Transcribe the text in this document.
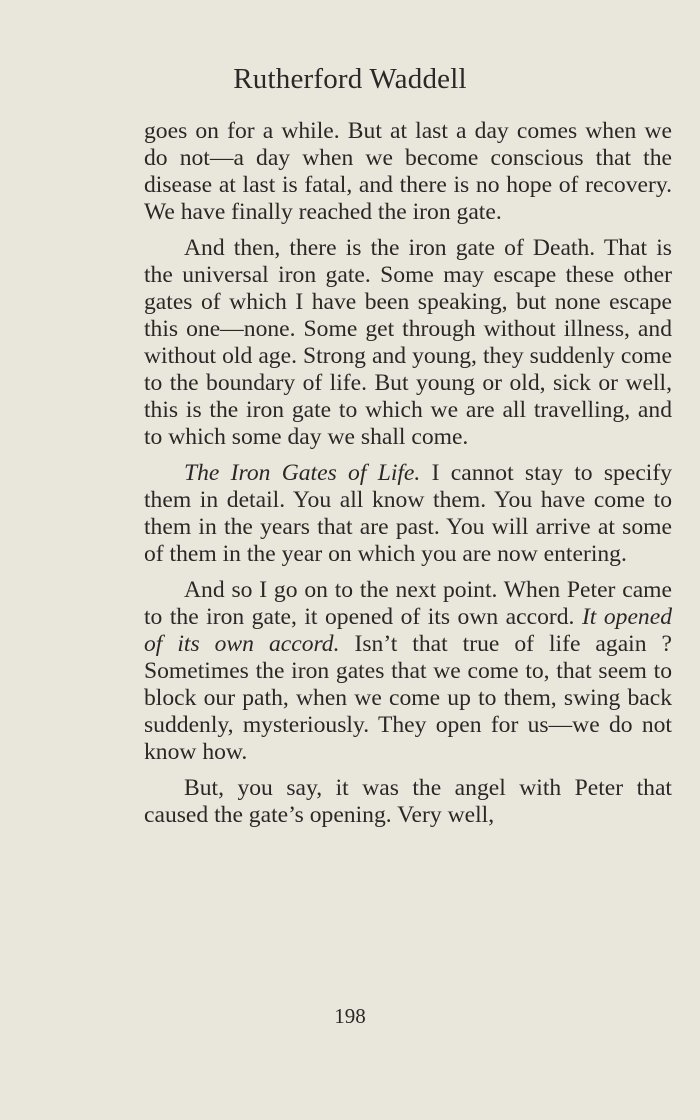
Rutherford Waddell

goes on for a while. But at last a day comes when we do not—a day when we become conscious that the disease at last is fatal, and there is no hope of recovery. We have finally reached the iron gate.

And then, there is the iron gate of Death. That is the universal iron gate. Some may escape these other gates of which I have been speaking, but none escape this one—none. Some get through without illness, and without old age. Strong and young, they suddenly come to the boundary of life. But young or old, sick or well, this is the iron gate to which we are all travelling, and to which some day we shall come.

The Iron Gates of Life. I cannot stay to specify them in detail. You all know them. You have come to them in the years that are past. You will arrive at some of them in the year on which you are now entering.

And so I go on to the next point. When Peter came to the iron gate, it opened of its own accord. It opened of its own accord. Isn’t that true of life again ? Sometimes the iron gates that we come to, that seem to block our path, when we come up to them, swing back suddenly, mysteriously. They open for us—we do not know how.

But, you say, it was the angel with Peter that caused the gate’s opening. Very well,

198
